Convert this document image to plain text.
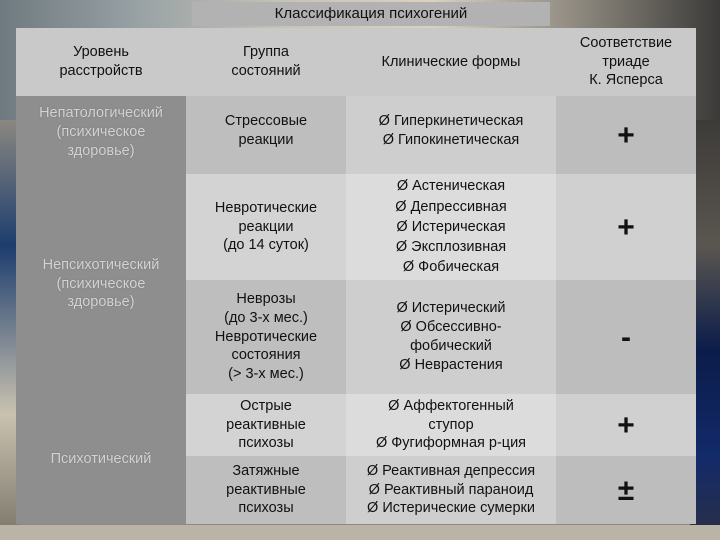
Классификация психогений
Уровень
расстройств
Группа
состояний
Клинические формы
Соответствие
триаде
К. Ясперса
Непатологический
(психическое
здоровье)
Непсихотический
(психическое
здоровье)
Психотический
Стрессовые
реакции
Ø Гиперкинетическая
Ø Гипокинетическая	+
Невротические
реакции
(до 14 суток)
Ø Астеническая
Ø Депрессивная
Ø Истерическая
Ø Эксплозивная
Ø Фобическая
+
Неврозы
(до 3-х мес.)
Невротические
состояния
(> 3-х мес.)
Ø Истерический
Ø Обсессивно-
фобический
Ø Неврастения
-
Острые
реактивные
психозы
Ø Аффектогенный
ступор
Ø Фугиформная р-ция
+
Затяжные
реактивные
психозы
Ø Реактивная депрессия
Ø Реактивный параноид
Ø Истерические сумерки
±
